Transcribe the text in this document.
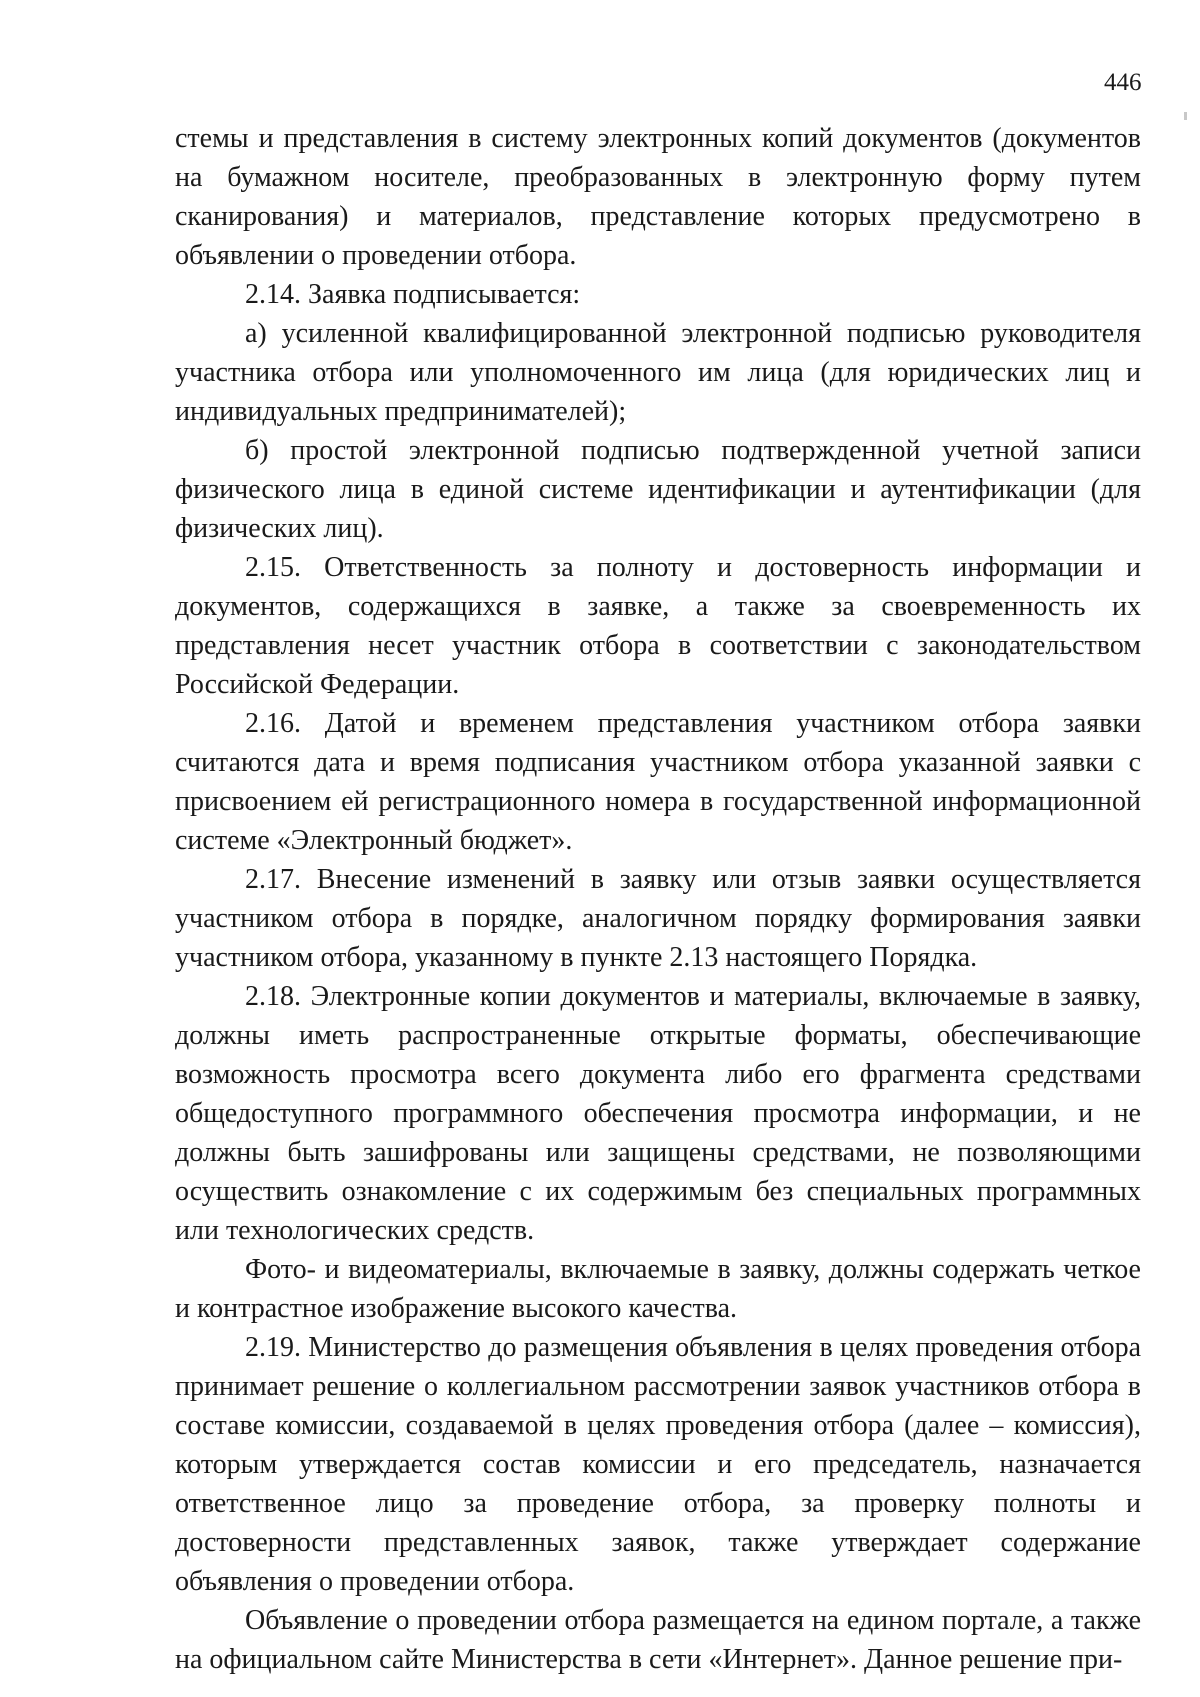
446

стемы и представления в систему электронных копий документов (документов на бумажном носителе, преобразованных в электронную форму путем сканирования) и материалов, представление которых предусмотрено в объявлении о проведении отбора.

2.14. Заявка подписывается:

а) усиленной квалифицированной электронной подписью руководителя участника отбора или уполномоченного им лица (для юридических лиц и индивидуальных предпринимателей);

б) простой электронной подписью подтвержденной учетной записи физического лица в единой системе идентификации и аутентификации (для физических лиц).

2.15. Ответственность за полноту и достоверность информации и документов, содержащихся в заявке, а также за своевременность их представления несет участник отбора в соответствии с законодательством Российской Федерации.

2.16. Датой и временем представления участником отбора заявки считаются дата и время подписания участником отбора указанной заявки с присвоением ей регистрационного номера в государственной информационной системе «Электронный бюджет».

2.17. Внесение изменений в заявку или отзыв заявки осуществляется участником отбора в порядке, аналогичном порядку формирования заявки участником отбора, указанному в пункте 2.13 настоящего Порядка.

2.18. Электронные копии документов и материалы, включаемые в заявку, должны иметь распространенные открытые форматы, обеспечивающие возможность просмотра всего документа либо его фрагмента средствами общедоступного программного обеспечения просмотра информации, и не должны быть зашифрованы или защищены средствами, не позволяющими осуществить ознакомление с их содержимым без специальных программных или технологических средств.

Фото- и видеоматериалы, включаемые в заявку, должны содержать четкое и контрастное изображение высокого качества.

2.19. Министерство до размещения объявления в целях проведения отбора принимает решение о коллегиальном рассмотрении заявок участников отбора в составе комиссии, создаваемой в целях проведения отбора (далее – комиссия), которым утверждается состав комиссии и его председатель, назначается ответственное лицо за проведение отбора, за проверку полноты и достоверности представленных заявок, также утверждает содержание объявления о проведении отбора.

Объявление о проведении отбора размещается на едином портале, а также на официальном сайте Министерства в сети «Интернет». Данное решение при-
